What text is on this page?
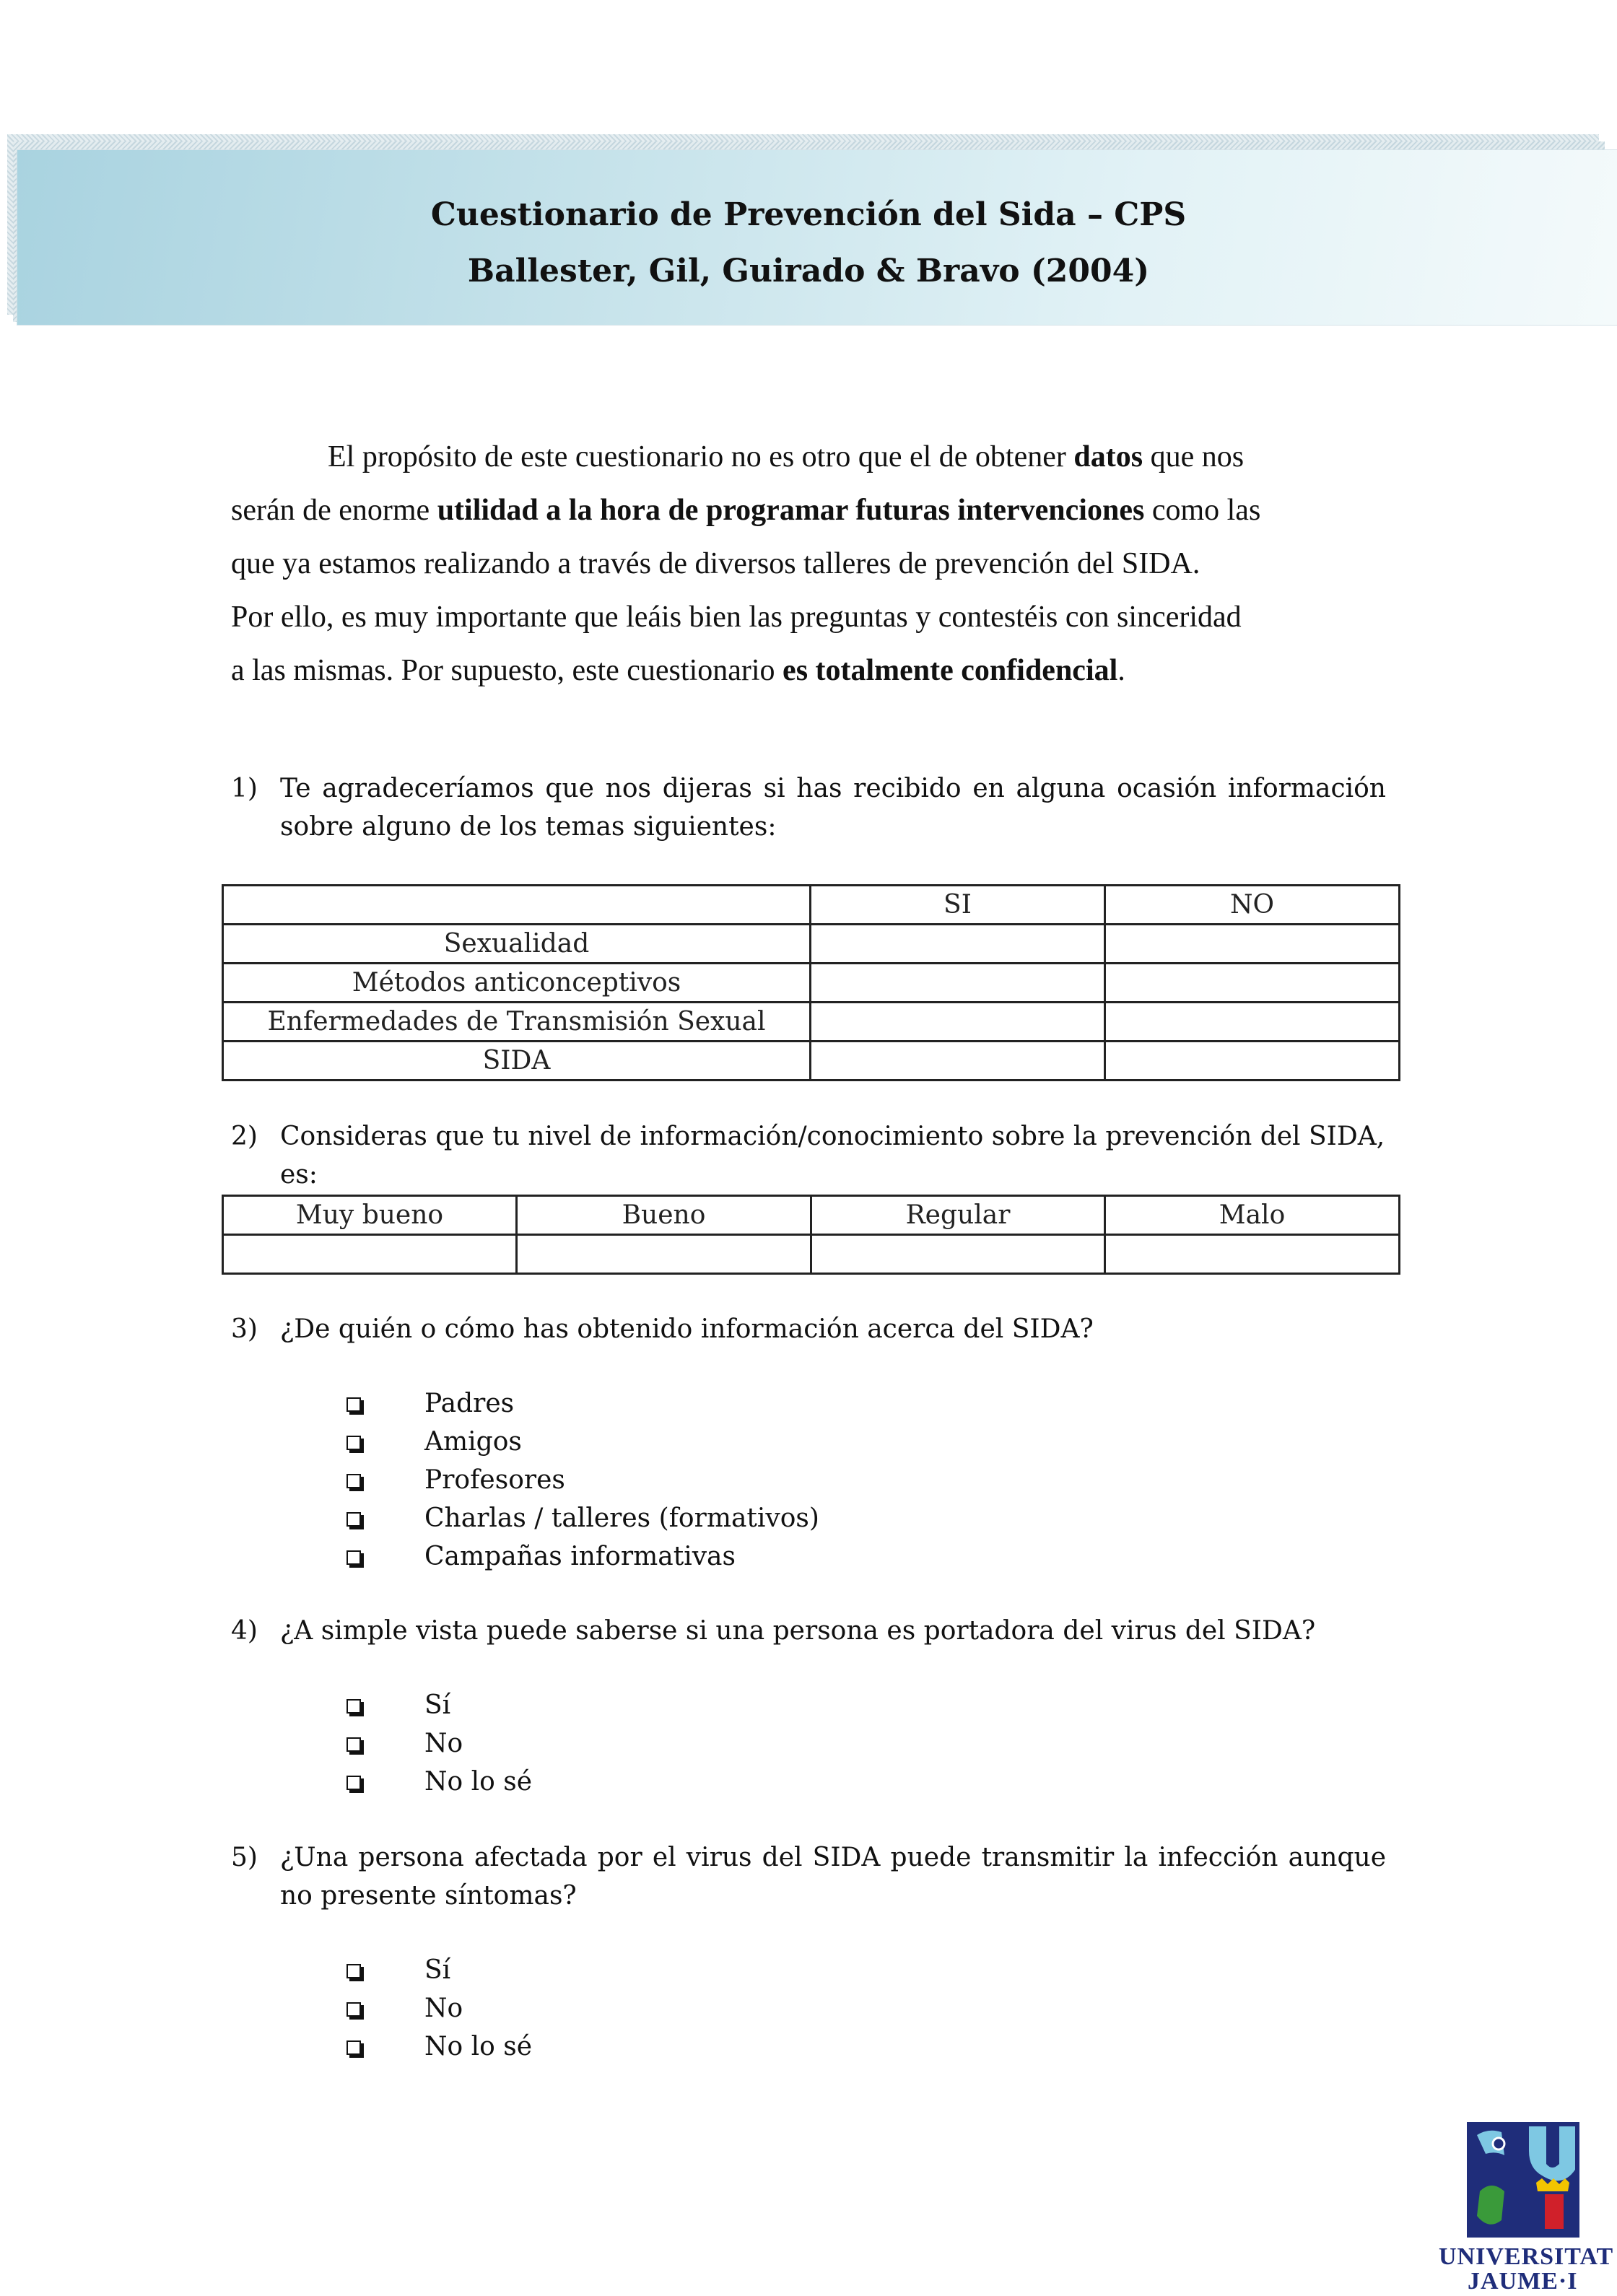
Cuestionario de Prevención del Sida – CPS
Ballester, Gil, Guirado & Bravo (2004)
El propósito de este cuestionario no es otro que el de obtener datos que nos
serán de enorme utilidad a la hora de programar futuras intervenciones como las
que ya estamos realizando a través de diversos talleres de prevención del SIDA.
Por ello, es muy importante que leáis bien las preguntas y contestéis con sinceridad
a las mismas. Por supuesto, este cuestionario es totalmente confidencial.
1) Te agradeceríamos que nos dijeras si has recibido en alguna ocasión información sobre alguno de los temas siguientes:
	SI	NO
Sexualidad		
Métodos anticonceptivos		
Enfermedades de Transmisión Sexual		
SIDA		
2) Consideras que tu nivel de información/conocimiento sobre la prevención del SIDA, es:
Muy bueno	Bueno	Regular	Malo

3) ¿De quién o cómo has obtenido información acerca del SIDA?
Padres
Amigos
Profesores
Charlas / talleres (formativos)
Campañas informativas
4) ¿A simple vista puede saberse si una persona es portadora del virus del SIDA?
Sí
No
No lo sé
5) ¿Una persona afectada por el virus del SIDA puede transmitir la infección aunque no presente síntomas?
Sí
No
No lo sé
UNIVERSITAT
JAUME·I
